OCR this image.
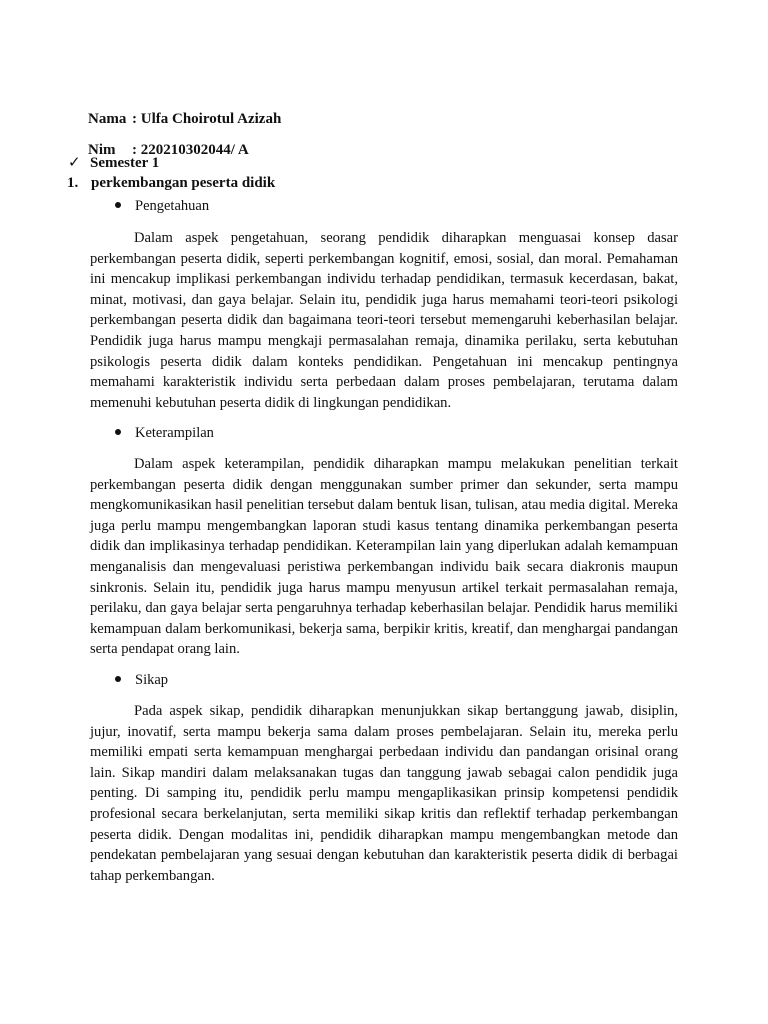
Nama : Ulfa Choirotul Azizah

Nim : 220210302044/ A

✓ Semester 1
1. perkembangan peserta didik
Pengetahuan

Dalam aspek pengetahuan, seorang pendidik diharapkan menguasai konsep dasar perkembangan peserta didik, seperti perkembangan kognitif, emosi, sosial, dan moral. Pemahaman ini mencakup implikasi perkembangan individu terhadap pendidikan, termasuk kecerdasan, bakat, minat, motivasi, dan gaya belajar. Selain itu, pendidik juga harus memahami teori-teori psikologi perkembangan peserta didik dan bagaimana teori-teori tersebut memengaruhi keberhasilan belajar. Pendidik juga harus mampu mengkaji permasalahan remaja, dinamika perilaku, serta kebutuhan psikologis peserta didik dalam konteks pendidikan. Pengetahuan ini mencakup pentingnya memahami karakteristik individu serta perbedaan dalam proses pembelajaran, terutama dalam memenuhi kebutuhan peserta didik di lingkungan pendidikan.

Keterampilan

Dalam aspek keterampilan, pendidik diharapkan mampu melakukan penelitian terkait perkembangan peserta didik dengan menggunakan sumber primer dan sekunder, serta mampu mengkomunikasikan hasil penelitian tersebut dalam bentuk lisan, tulisan, atau media digital. Mereka juga perlu mampu mengembangkan laporan studi kasus tentang dinamika perkembangan peserta didik dan implikasinya terhadap pendidikan. Keterampilan lain yang diperlukan adalah kemampuan menganalisis dan mengevaluasi peristiwa perkembangan individu baik secara diakronis maupun sinkronis. Selain itu, pendidik juga harus mampu menyusun artikel terkait permasalahan remaja, perilaku, dan gaya belajar serta pengaruhnya terhadap keberhasilan belajar. Pendidik harus memiliki kemampuan dalam berkomunikasi, bekerja sama, berpikir kritis, kreatif, dan menghargai pandangan serta pendapat orang lain.

Sikap

Pada aspek sikap, pendidik diharapkan menunjukkan sikap bertanggung jawab, disiplin, jujur, inovatif, serta mampu bekerja sama dalam proses pembelajaran. Selain itu, mereka perlu memiliki empati serta kemampuan menghargai perbedaan individu dan pandangan orisinal orang lain. Sikap mandiri dalam melaksanakan tugas dan tanggung jawab sebagai calon pendidik juga penting. Di samping itu, pendidik perlu mampu mengaplikasikan prinsip kompetensi pendidik profesional secara berkelanjutan, serta memiliki sikap kritis dan reflektif terhadap perkembangan peserta didik. Dengan modalitas ini, pendidik diharapkan mampu mengembangkan metode dan pendekatan pembelajaran yang sesuai dengan kebutuhan dan karakteristik peserta didik di berbagai tahap perkembangan.
